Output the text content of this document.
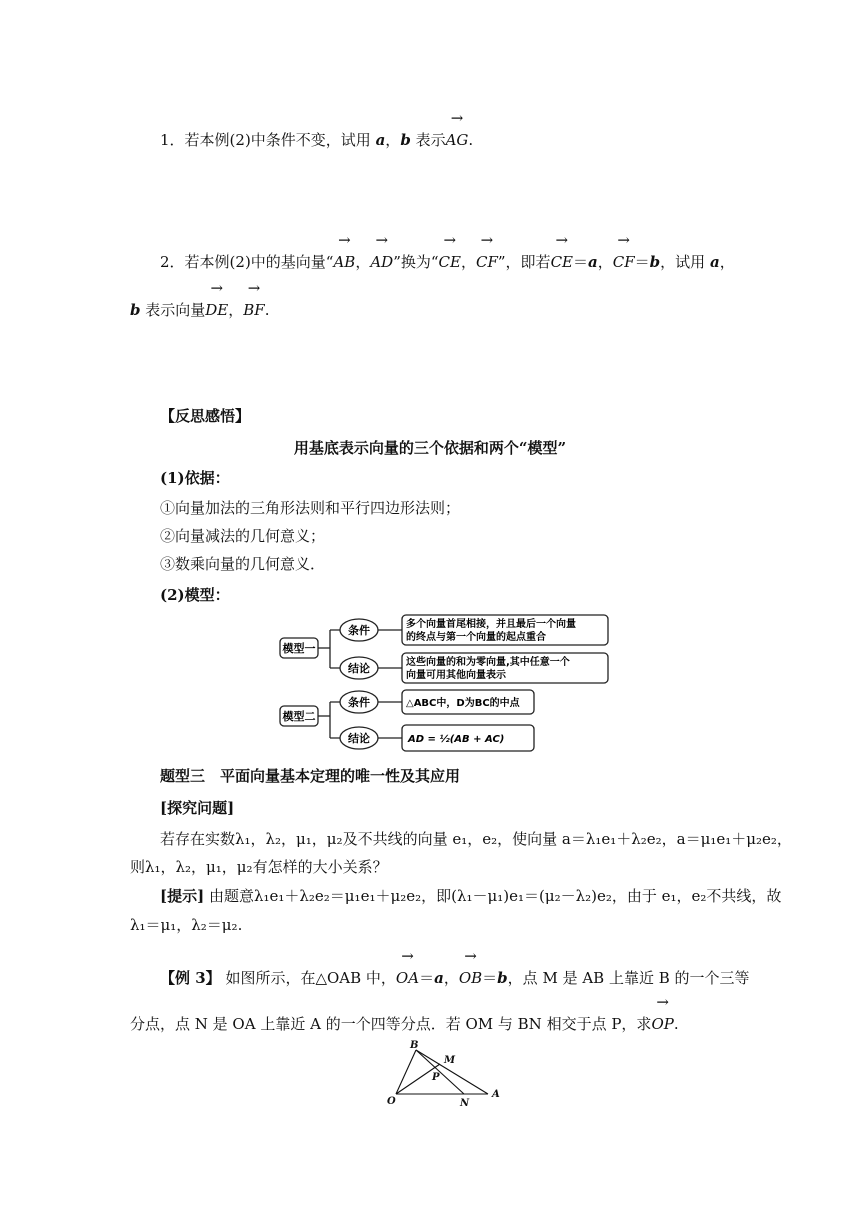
1．若本例(2)中条件不变，试用 a，b 表示→ AG.
2．若本例(2)中的基向量“→ AB，→ AD”换为“→ CE，→ CF”，即若→ CE＝a，→ CF＝b，试用 a，
b 表示向量→ DE，→ BF.
【反思感悟】
用基底表示向量的三个依据和两个“模型”
(1)依据：
①向量加法的三角形法则和平行四边形法则；
②向量减法的几何意义；
③数乘向量的几何意义．
(2)模型：
模型一
模型二
条件
结论
条件
结论
多个向量首尾相接，并且最后一个向量
的终点与第一个向量的起点重合
这些向量的和为零向量,其中任意一个
向量可用其他向量表示
△ABC中，D为BC的中点
AD = ½(AB + AC)
题型三　平面向量基本定理的唯一性及其应用
[探究问题]
若存在实数λ₁，λ₂，μ₁，μ₂及不共线的向量 e₁，e₂，使向量 a＝λ₁e₁＋λ₂e₂，a＝μ₁e₁＋μ₂e₂，
则λ₁，λ₂，μ₁，μ₂有怎样的大小关系？
[提示] 由题意λ₁e₁＋λ₂e₂＝μ₁e₁＋μ₂e₂，即(λ₁－μ₁)e₁＝(μ₂－λ₂)e₂，由于 e₁，e₂不共线，故
λ₁＝μ₁，λ₂＝μ₂.
【例 3】 如图所示，在△OAB 中，→ OA＝a，→ OB＝b，点 M 是 AB 上靠近 B 的一个三等
分点，点 N 是 OA 上靠近 A 的一个四等分点．若 OM 与 BN 相交于点 P，求→ OP.
B
M
P
O	N
A
